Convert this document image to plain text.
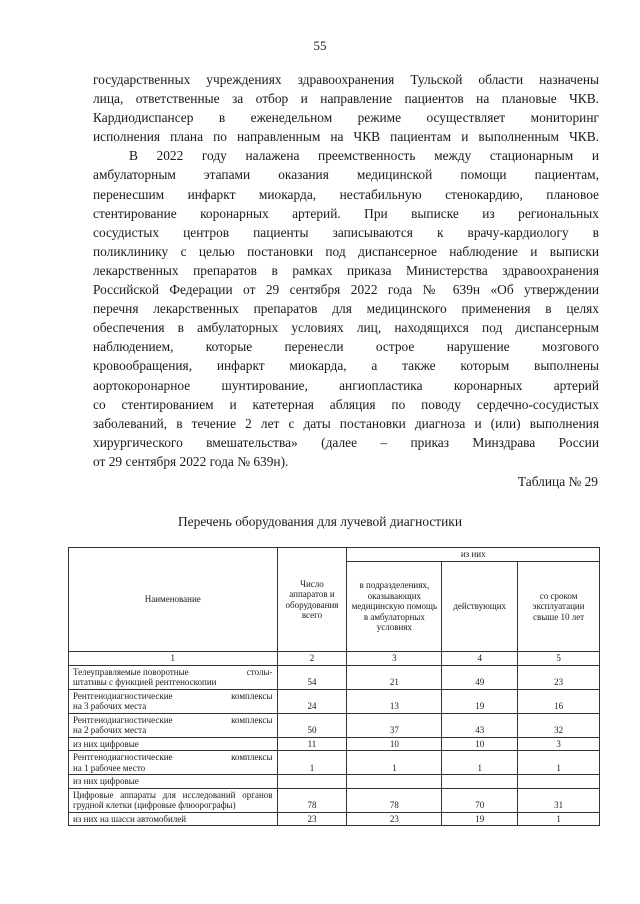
55
государственных учреждениях здравоохранения Тульской области назначены
лица, ответственные за отбор и направление пациентов на плановые ЧКВ.
Кардиодиспансер в еженедельном режиме осуществляет мониторинг
исполнения плана по направленным на ЧКВ пациентам и выполненным ЧКВ.
В 2022 году налажена преемственность между стационарным и
амбулаторным этапами оказания медицинской помощи пациентам,
перенесшим инфаркт миокарда, нестабильную стенокардию, плановое
стентирование коронарных артерий. При выписке из региональных
сосудистых центров пациенты записываются к врачу-кардиологу в
поликлинику с целью постановки под диспансерное наблюдение и выписки
лекарственных препаратов в рамках приказа Министерства здравоохранения
Российской Федерации от 29 сентября 2022 года № 639н «Об утверждении
перечня лекарственных препаратов для медицинского применения в целях
обеспечения в амбулаторных условиях лиц, находящихся под диспансерным
наблюдением, которые перенесли острое нарушение мозгового
кровообращения, инфаркт миокарда, а также которым выполнены
аортокоронарное шунтирование, ангиопластика коронарных артерий
со стентированием и катетерная абляция по поводу сердечно-сосудистых
заболеваний, в течение 2 лет с даты постановки диагноза и (или) выполнения
хирургического вмешательства» (далее – приказ Минздрава России
от 29 сентября 2022 года № 639н).
Таблица № 29
Перечень оборудования для лучевой диагностики
Наименование	Число аппаратов и оборудования всего	из них		
		в подразделениях, оказывающих медицинскую помощь в амбулаторных условиях	действующих	со сроком эксплуатации свыше 10 лет
1	2	3	4	5

Телеуправляемые поворотные столы-
штативы с функцией рентгеноскопии	54	21	49	23

Рентгенодиагностические комплексы
на 3 рабочих места	24	13	19	16

Рентгенодиагностические комплексы
на 2 рабочих места	50	37	43	32
из них цифровые	11	10	10	3

Рентгенодиагностические комплексы
на 1 рабочее место	1	1	1	1
из них цифровые				
Цифровые аппараты для исследований органов грудной клетки (цифровые флюорографы)	78	78	70	31
из них на шасси автомобилей	23	23	19	1
